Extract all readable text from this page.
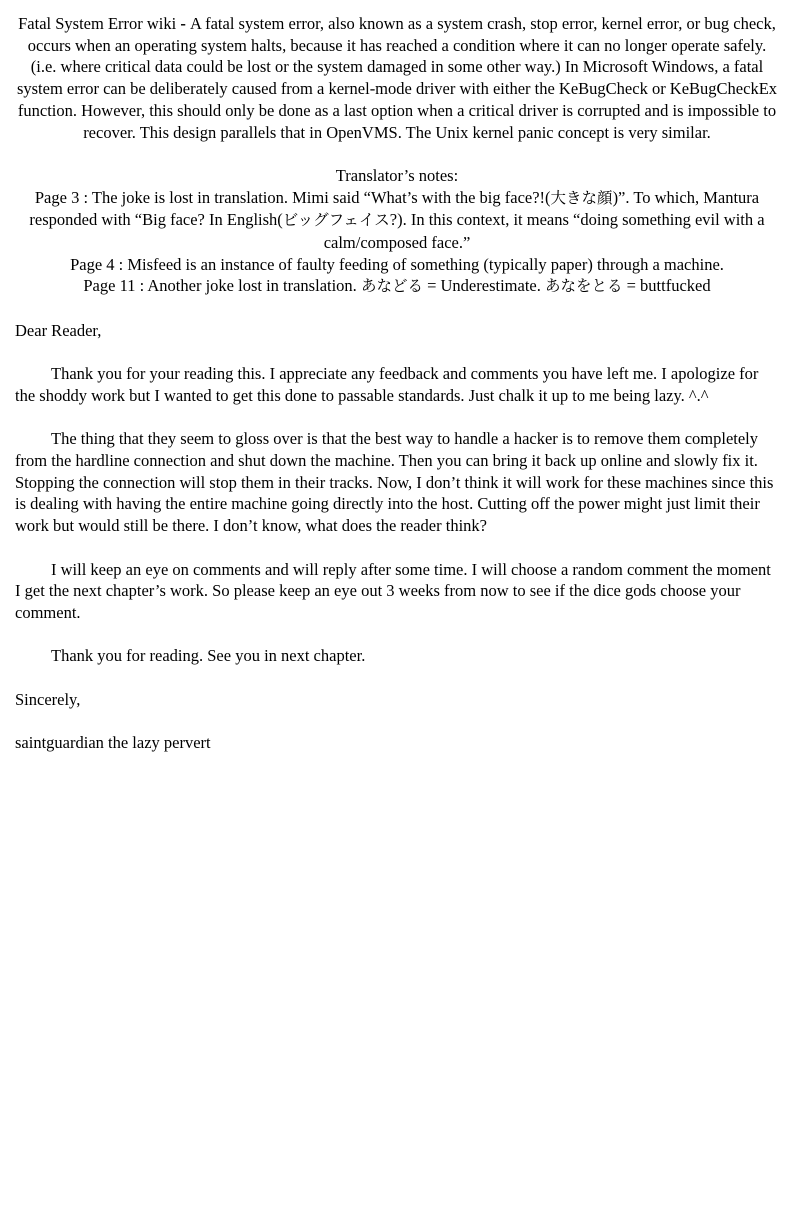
Fatal System Error wiki - A fatal system error, also known as a system crash, stop error, kernel error, or bug check, occurs when an operating system halts, because it has reached a condition where it can no longer operate safely.(i.e. where critical data could be lost or the system damaged in some other way.) In Microsoft Windows, a fatal system error can be deliberately caused from a kernel-mode driver with either the KeBugCheck or KeBugCheckEx function. However, this should only be done as a last option when a critical driver is corrupted and is impossible to recover. This design parallels that in OpenVMS. The Unix kernel panic concept is very similar.

Translator’s notes:

Page 3 : The joke is lost in translation. Mimi said “What’s with the big face?!(大きな顔)”. To which, Mantura responded with “Big face? In English(ビッグフェイス?). In this context, it means “doing something evil with a calm/composed face.”

Page 4 : Misfeed is an instance of faulty feeding of something (typically paper) through a machine.

Page 11 : Another joke lost in translation. あなどる = Underestimate. あなをとる = buttfucked

Dear Reader,

Thank you for your reading this. I appreciate any feedback and comments you have left me. I apologize for the shoddy work but I wanted to get this done to passable standards. Just chalk it up to me being lazy. ^.^

The thing that they seem to gloss over is that the best way to handle a hacker is to remove them completely from the hardline connection and shut down the machine. Then you can bring it back up online and slowly fix it. Stopping the connection will stop them in their tracks. Now, I don’t think it will work for these machines since this is dealing with having the entire machine going directly into the host. Cutting off the power might just limit their work but would still be there. I don’t know, what does the reader think?

I will keep an eye on comments and will reply after some time. I will choose a random comment the moment I get the next chapter’s work. So please keep an eye out 3 weeks from now to see if the dice gods choose your comment.

Thank you for reading. See you in next chapter.

Sincerely,

saintguardian the lazy pervert
